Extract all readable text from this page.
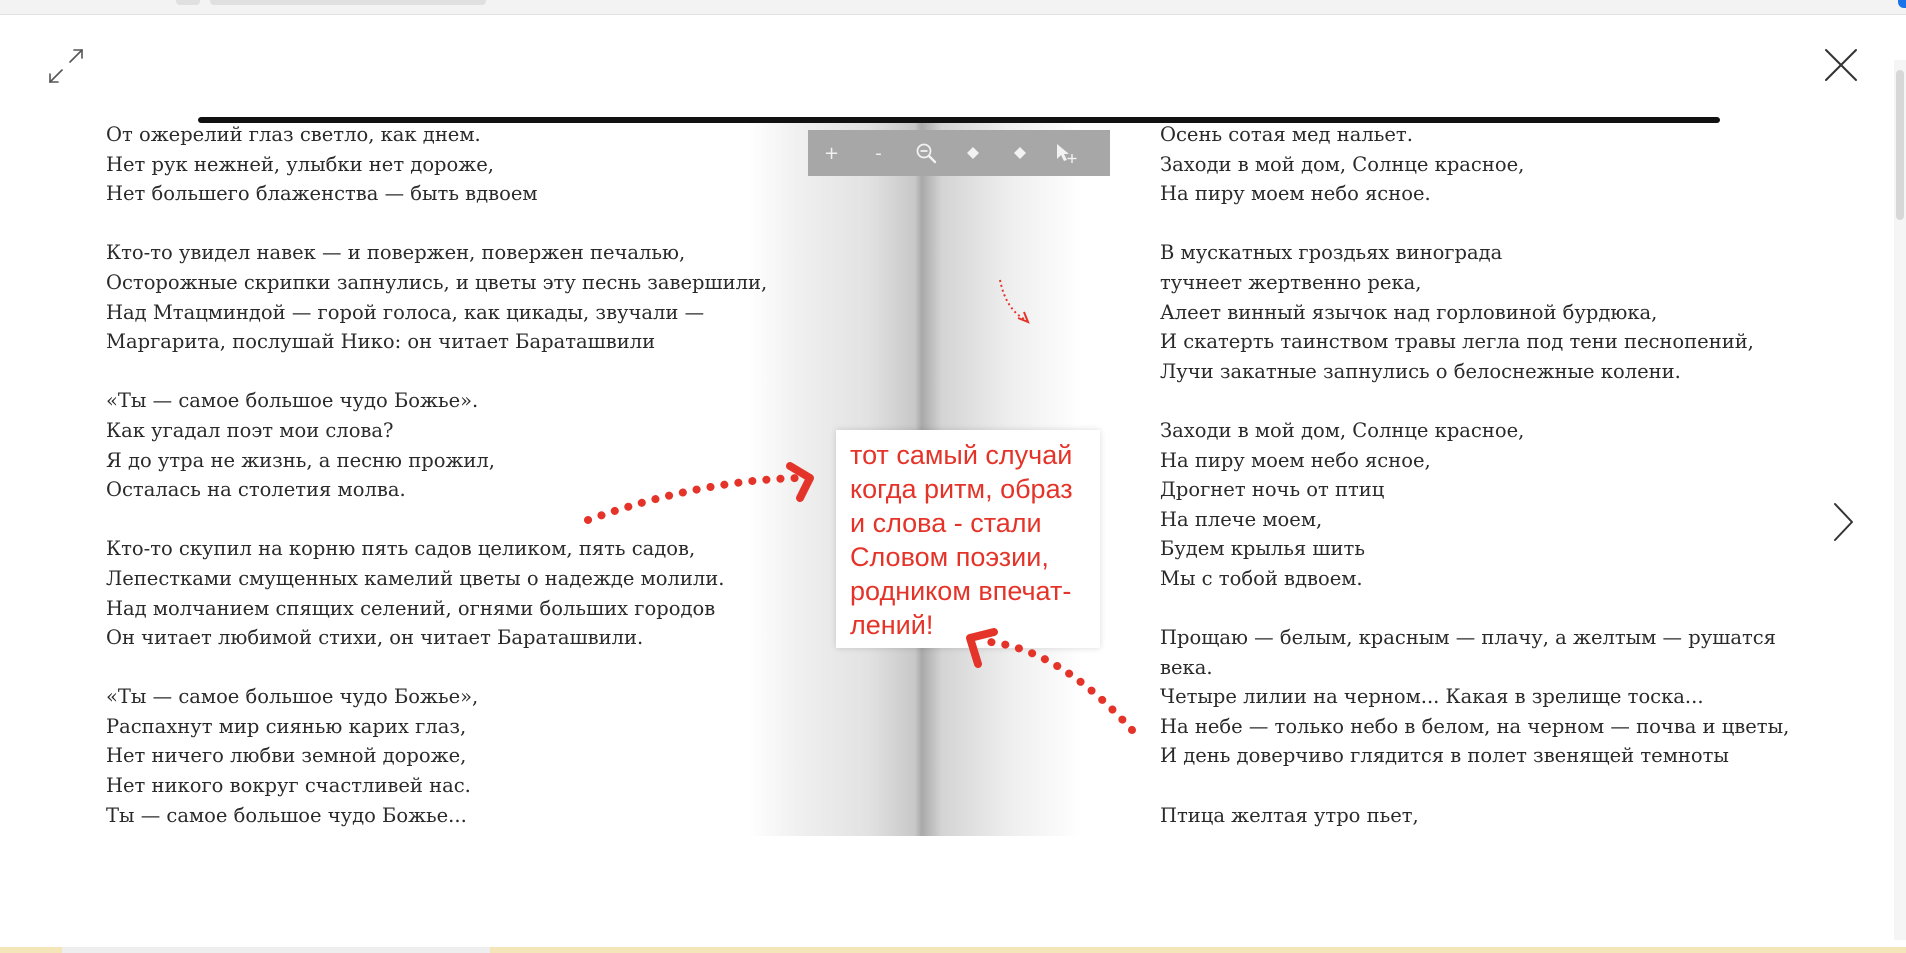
От ожерелий глаз светло, как днем.
Нет рук нежней, улыбки нет дороже,
Нет большего блаженства — быть вдвоем
Кто-то увидел навек — и повержен, повержен печалью,
Осторожные скрипки запнулись, и цветы эту песнь завершили,
Над Мтацминдой — горой голоса, как цикады, звучали —
Маргарита, послушай Нико: он читает Бараташвили
«Ты — самое большое чудо Божье».
Как угадал поэт мои слова?
Я до утра не жизнь, а песню прожил,
Осталась на столетия молва.
Кто-то скупил на корню пять садов целиком, пять садов,
Лепестками смущенных камелий цветы о надежде молили.
Над молчанием спящих селений, огнями больших городов
Он читает любимой стихи, он читает Бараташвили.
«Ты — самое большое чудо Божье»,
Распахнут мир сиянью карих глаз,
Нет ничего любви земной дороже,
Нет никого вокруг счастливей нас.
Ты — самое большое чудо Божье...
Осень сотая мед нальет.
Заходи в мой дом, Солнце красное,
На пиру моем небо ясное.
В мускатных гроздьях винограда
тучнеет жертвенно река,
Алеет винный язычок над горловиной бурдюка,
И скатерть таинством травы легла под тени песнопений,
Лучи закатные запнулись о белоснежные колени.
Заходи в мой дом, Солнце красное,
На пиру моем небо ясное,
Дрогнет ночь от птиц
На плече моем,
Будем крылья шить
Мы с тобой вдвоем.
Прощаю — белым, красным — плачу, а желтым — рушатся
века.
Четыре лилии на черном... Какая в зрелище тоска...
На небе — только небо в белом, на черном — почва и цветы,
И день доверчиво глядится в полет звенящей темноты
Птица желтая утро пьет,
+ -
тот самый случай
когда ритм, образ
и слова - стали
Словом поэзии,
родником впечат-
лений!
